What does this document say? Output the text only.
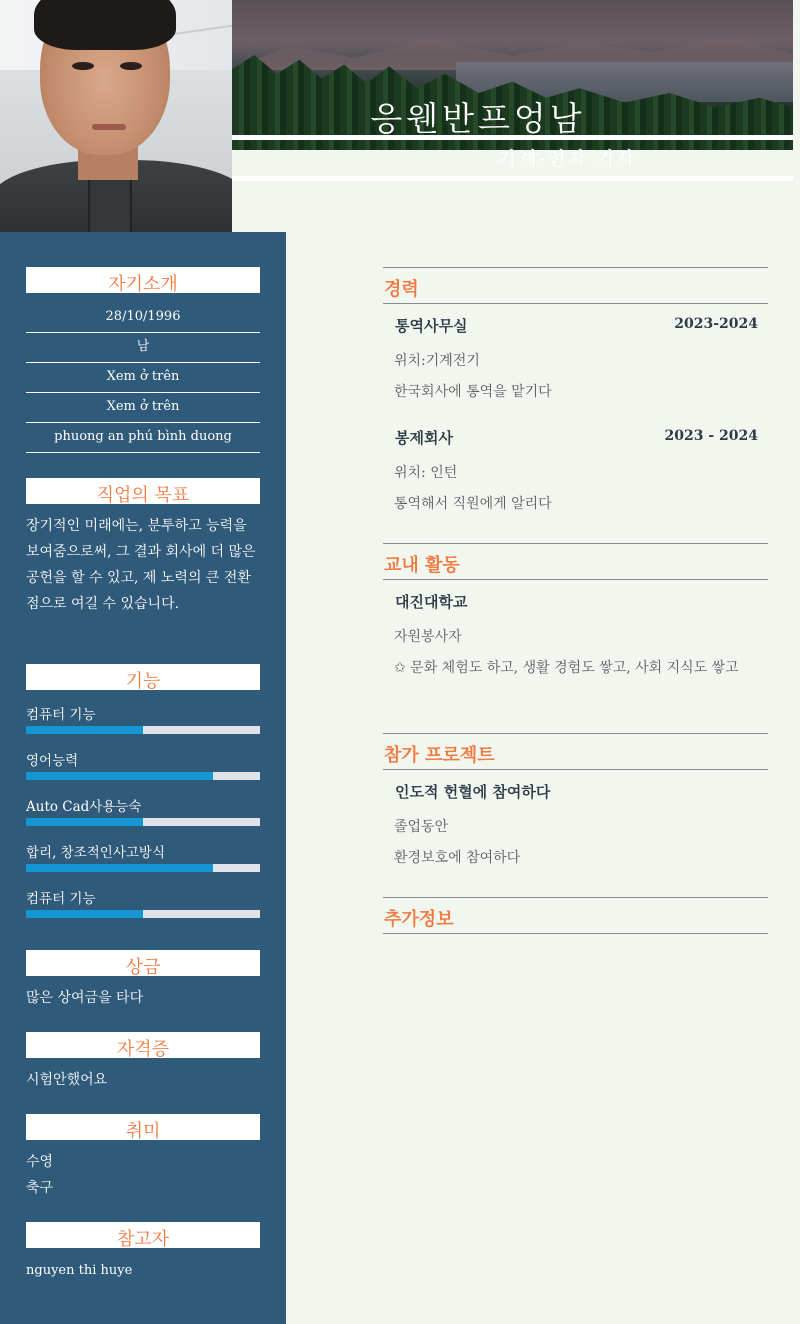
응웬반프엉남
기계-전자 기사
자기소개
28/10/1996
남
Xem ở trên
Xem ở trên
phuong an phú bình duong
직업의 목표
장기적인 미래에는, 분투하고 능력을 보여줌으로써, 그 결과 회사에 더 많은 공헌을 할 수 있고, 제 노력의 큰 전환점으로 여길 수 있습니다.
기능
컴퓨터 기능
영어능력
Auto Cad사용능숙
합리, 창조적인사고방식
컴퓨터 기능
상금
많은 상여금을 타다
자격증
시험안했어요
취미
수영
축구
참고자
nguyen thi huye
경력
통역사무실	2023-2024
위치:기계전기
한국회사에 통역을 맡기다
봉제회사	2023 - 2024
위치: 인턴
통역해서 직원에게 알리다
교내 활동
대진대학교
자원봉사자
✩ 문화 체험도 하고, 생활 경험도 쌓고, 사회 지식도 쌓고
참가 프로젝트
인도적 헌혈에 참여하다
졸업동안
환경보호에 참여하다
추가정보
